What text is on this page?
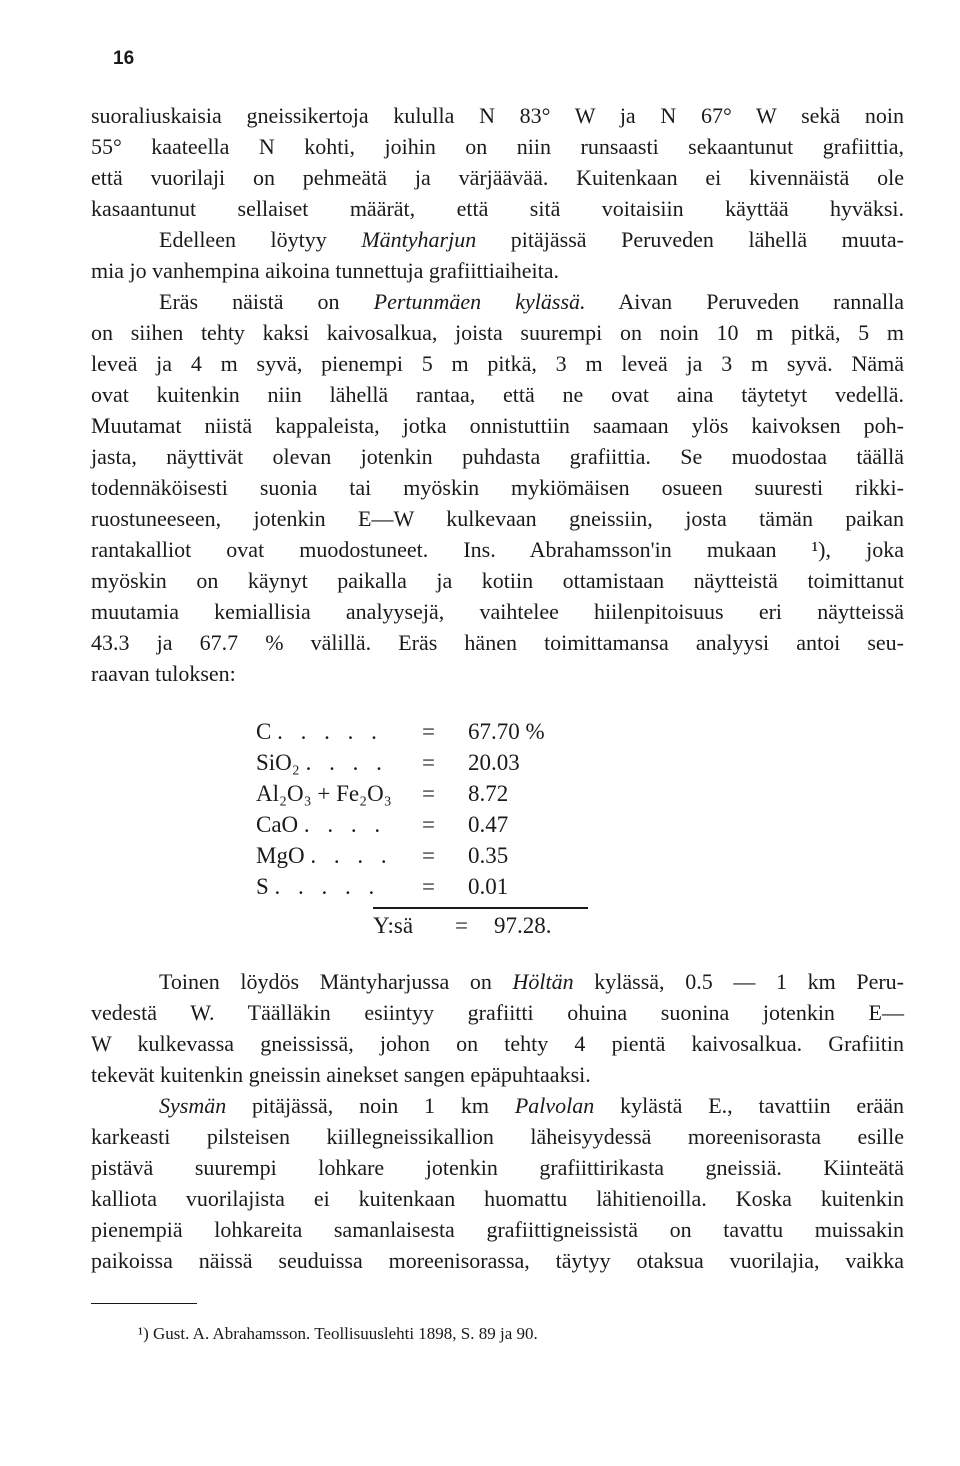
16
suoraliuskaisia gneissikertoja kululla N 83° W ja N 67° W sekä noin
55° kaateella N kohti, joihin on niin runsaasti sekaantunut grafiittia,
että vuorilaji on pehmeätä ja värjäävää. Kuitenkaan ei kivennäistä ole
kasaantunut sellaiset määrät, että sitä voitaisiin käyttää hyväksi.
Edelleen löytyy Mäntyharjun pitäjässä Peruveden lähellä muuta-
mia jo vanhempina aikoina tunnettuja grafiittiaiheita.
Eräs näistä on Pertunmäen kylässä. Aivan Peruveden rannalla
on siihen tehty kaksi kaivosalkua, joista suurempi on noin 10 m pitkä, 5 m
leveä ja 4 m syvä, pienempi 5 m pitkä, 3 m leveä ja 3 m syvä. Nämä
ovat kuitenkin niin lähellä rantaa, että ne ovat aina täytetyt vedellä.
Muutamat niistä kappaleista, jotka onnistuttiin saamaan ylös kaivoksen poh-
jasta, näyttivät olevan jotenkin puhdasta grafiittia. Se muodostaa täällä
todennäköisesti suonia tai myöskin mykiömäisen osueen suuresti rikki-
ruostuneeseen, jotenkin E—W kulkevaan gneissiin, josta tämän paikan
rantakalliot ovat muodostuneet. Ins. Abrahamsson'in mukaan ¹), joka
myöskin on käynyt paikalla ja kotiin ottamistaan näytteistä toimittanut
muutamia kemiallisia analyysejä, vaihtelee hiilenpitoisuus eri näytteissä
43.3 ja 67.7 % välillä. Eräs hänen toimittamansa analyysi antoi seu-
raavan tuloksen:
C . . . . . = 67.70 %
SiO₂ . . . . = 20.03
Al₂O₃ + Fe₂O₃ = 8.72
CaO . . . . = 0.47
MgO . . . . = 0.35
S . . . . . = 0.01
Y:sä = 97.28.
Toinen löydös Mäntyharjussa on Höltän kylässä, 0.5 — 1 km Peru-
vedestä W. Täälläkin esiintyy grafiitti ohuina suonina jotenkin E—
W kulkevassa gneississä, johon on tehty 4 pientä kaivosalkua. Grafiitin
tekevät kuitenkin gneissin ainekset sangen epäpuhtaaksi.
Sysmän pitäjässä, noin 1 km Palvolan kylästä E., tavattiin erään
karkeasti pilsteisen kiillegneissikallion läheisyydessä moreenisorasta esille
pistävä suurempi lohkare jotenkin grafiittirikasta gneissiä. Kiinteätä
kalliota vuorilajista ei kuitenkaan huomattu lähitienoilla. Koska kuitenkin
pienempiä lohkareita samanlaisesta grafiittigneissistä on tavattu muissakin
paikoissa näissä seuduissa moreenisorassa, täytyy otaksua vuorilajia, vaikka
¹) Gust. A. Abrahamsson. Teollisuuslehti 1898, S. 89 ja 90.
